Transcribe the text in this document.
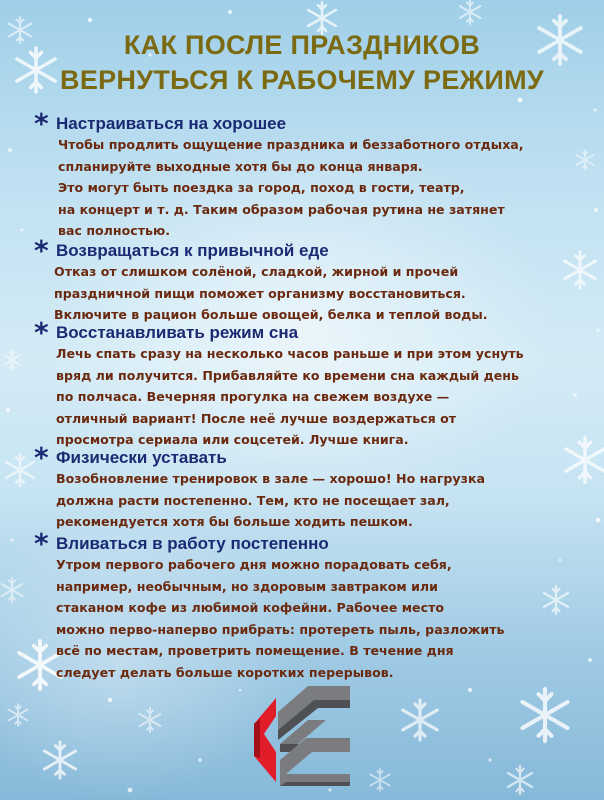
КАК ПОСЛЕ ПРАЗДНИКОВ
ВЕРНУТЬСЯ К РАБОЧЕМУ РЕЖИМУ
* Настраиваться на хорошее
Чтобы продлить ощущение праздника и беззаботного отдыха,
спланируйте выходные хотя бы до конца января.
Это могут быть поездка за город, поход в гости, театр,
на концерт и т. д. Таким образом рабочая рутина не затянет
вас полностью.
* Возвращаться к привычной еде
Отказ от слишком солёной, сладкой, жирной и прочей
праздничной пищи поможет организму восстановиться.
Включите в рацион больше овощей, белка и теплой воды.
* Восстанавливать режим сна
Лечь спать сразу на несколько часов раньше и при этом уснуть
вряд ли получится. Прибавляйте ко времени сна каждый день
по полчаса. Вечерняя прогулка на свежем воздухе —
отличный вариант! После неё лучше воздержаться от
просмотра сериала или соцсетей. Лучше книга.
* Физически уставать
Возобновление тренировок в зале — хорошо! Но нагрузка
должна расти постепенно. Тем, кто не посещает зал,
рекомендуется хотя бы больше ходить пешком.
* Вливаться в работу постепенно
Утром первого рабочего дня можно порадовать себя,
например, необычным, но здоровым завтраком или
стаканом кофе из любимой кофейни. Рабочее место
можно перво-наперво прибрать: протереть пыль, разложить
всё по местам, проветрить помещение. В течение дня
следует делать больше коротких перерывов.
